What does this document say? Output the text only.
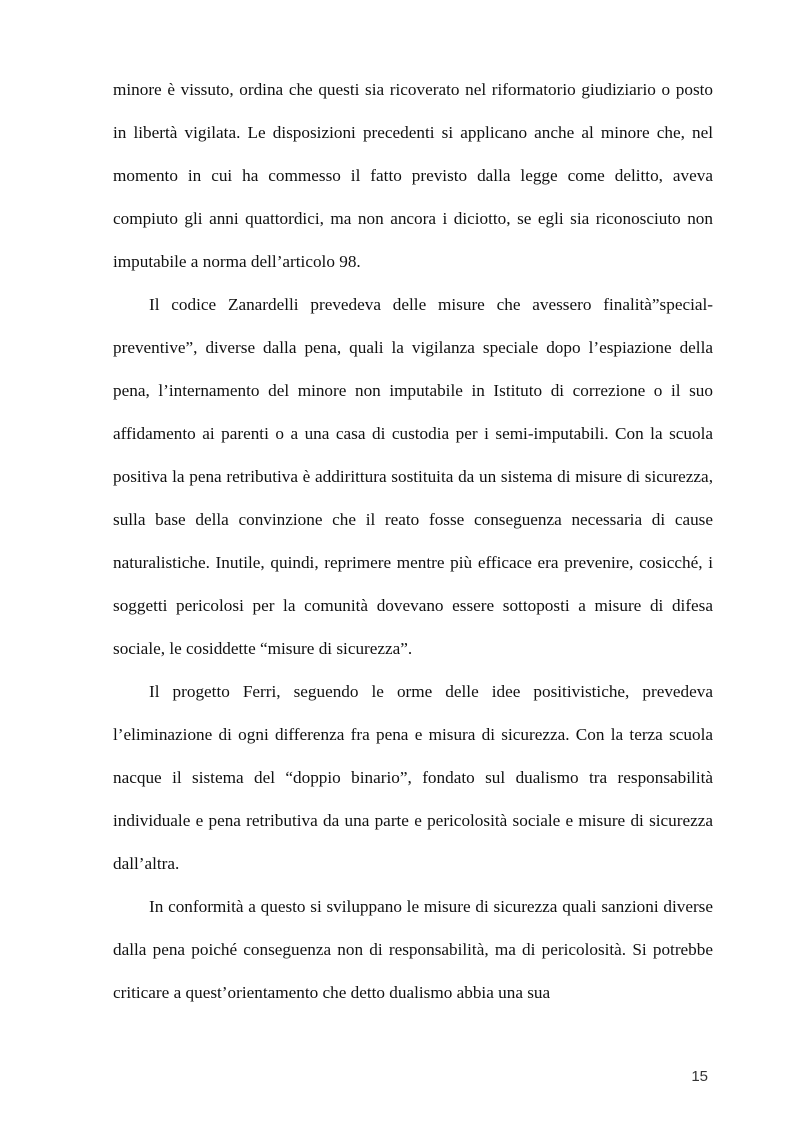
minore è vissuto, ordina che questi sia ricoverato nel riformatorio giudiziario o posto in libertà vigilata. Le disposizioni precedenti si applicano anche al minore che, nel momento in cui ha commesso il fatto previsto dalla legge come delitto, aveva compiuto gli anni quattordici, ma non ancora i diciotto, se egli sia riconosciuto non imputabile a norma dell’articolo 98.

Il codice Zanardelli prevedeva delle misure che avessero finalità”special-preventive”, diverse dalla pena, quali la vigilanza speciale dopo l’espiazione della pena, l’internamento del minore non imputabile in Istituto di correzione o il suo affidamento ai parenti o a una casa di custodia per i semi-imputabili. Con la scuola positiva la pena retributiva è addirittura sostituita da un sistema di misure di sicurezza, sulla base della convinzione che il reato fosse conseguenza necessaria di cause naturalistiche. Inutile, quindi, reprimere mentre più efficace era prevenire, cosicché, i soggetti pericolosi per la comunità dovevano essere sottoposti a misure di difesa sociale, le cosiddette “misure di sicurezza”.

Il progetto Ferri, seguendo le orme delle idee positivistiche, prevedeva l’eliminazione di ogni differenza fra pena e misura di sicurezza. Con la terza scuola nacque il sistema del “doppio binario”, fondato sul dualismo tra responsabilità individuale e pena retributiva da una parte e pericolosità sociale e misure di sicurezza dall’altra.

In conformità a questo si sviluppano le misure di sicurezza quali sanzioni diverse dalla pena poiché conseguenza non di responsabilità, ma di pericolosità. Si potrebbe criticare a quest’orientamento che detto dualismo abbia una sua

15
